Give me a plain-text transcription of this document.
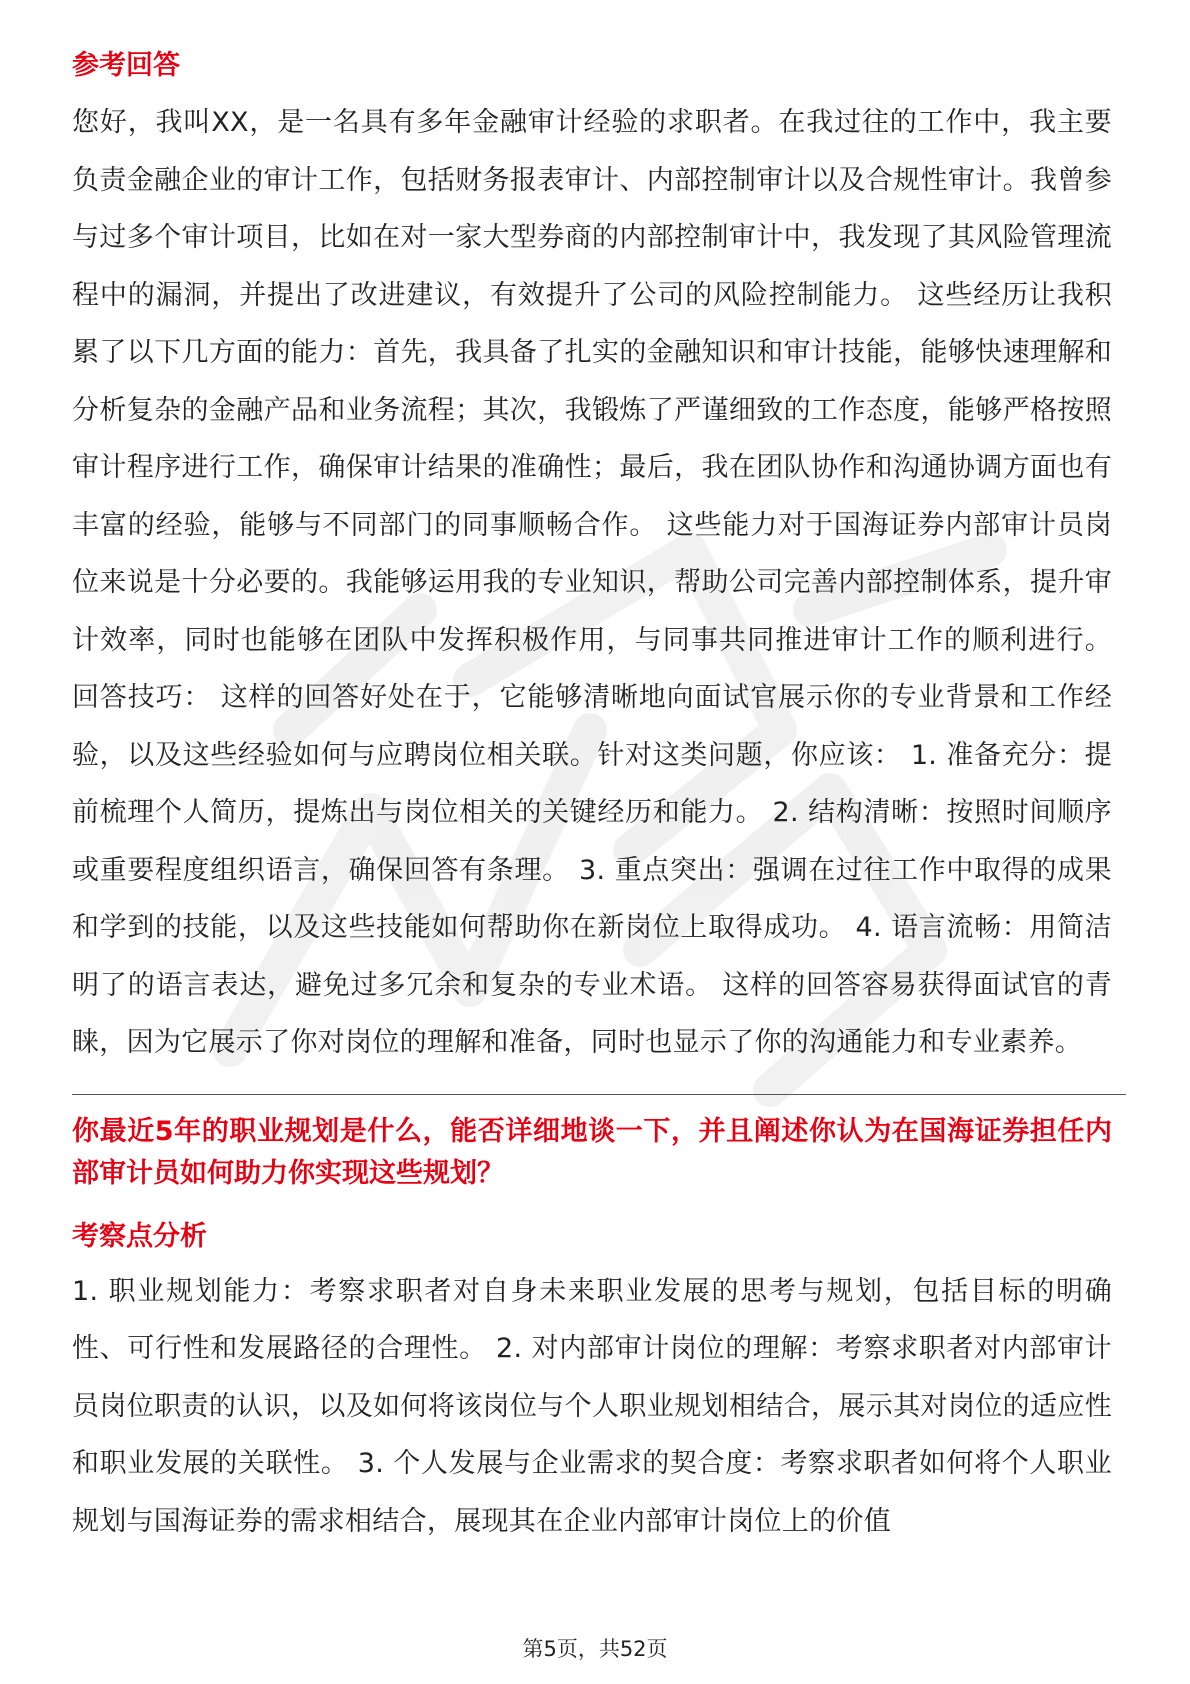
参考回答

您好，我叫XX，是一名具有多年金融审计经验的求职者。在我过往的工作中，我主要负责金融企业的审计工作，包括财务报表审计、内部控制审计以及合规性审计。我曾参与过多个审计项目，比如在对一家大型券商的内部控制审计中，我发现了其风险管理流程中的漏洞，并提出了改进建议，有效提升了公司的风险控制能力。 这些经历让我积累了以下几方面的能力：首先，我具备了扎实的金融知识和审计技能，能够快速理解和分析复杂的金融产品和业务流程；其次，我锻炼了严谨细致的工作态度，能够严格按照审计程序进行工作，确保审计结果的准确性；最后，我在团队协作和沟通协调方面也有丰富的经验，能够与不同部门的同事顺畅合作。 这些能力对于国海证券内部审计员岗位来说是十分必要的。我能够运用我的专业知识，帮助公司完善内部控制体系，提升审计效率，同时也能够在团队中发挥积极作用，与同事共同推进审计工作的顺利进行。 回答技巧： 这样的回答好处在于，它能够清晰地向面试官展示你的专业背景和工作经验，以及这些经验如何与应聘岗位相关联。针对这类问题，你应该： 1. 准备充分：提前梳理个人简历，提炼出与岗位相关的关键经历和能力。 2. 结构清晰：按照时间顺序或重要程度组织语言，确保回答有条理。 3. 重点突出：强调在过往工作中取得的成果和学到的技能，以及这些技能如何帮助你在新岗位上取得成功。 4. 语言流畅：用简洁明了的语言表达，避免过多冗余和复杂的专业术语。 这样的回答容易获得面试官的青睐，因为它展示了你对岗位的理解和准备，同时也显示了你的沟通能力和专业素养。

你最近5年的职业规划是什么，能否详细地谈一下，并且阐述你认为在国海证券担任内部审计员如何助力你实现这些规划？
考察点分析

1. 职业规划能力：考察求职者对自身未来职业发展的思考与规划，包括目标的明确性、可行性和发展路径的合理性。 2. 对内部审计岗位的理解：考察求职者对内部审计员岗位职责的认识，以及如何将该岗位与个人职业规划相结合，展示其对岗位的适应性和职业发展的关联性。 3. 个人发展与企业需求的契合度：考察求职者如何将个人职业规划与国海证券的需求相结合，展现其在企业内部审计岗位上的价值

第5页，共52页
